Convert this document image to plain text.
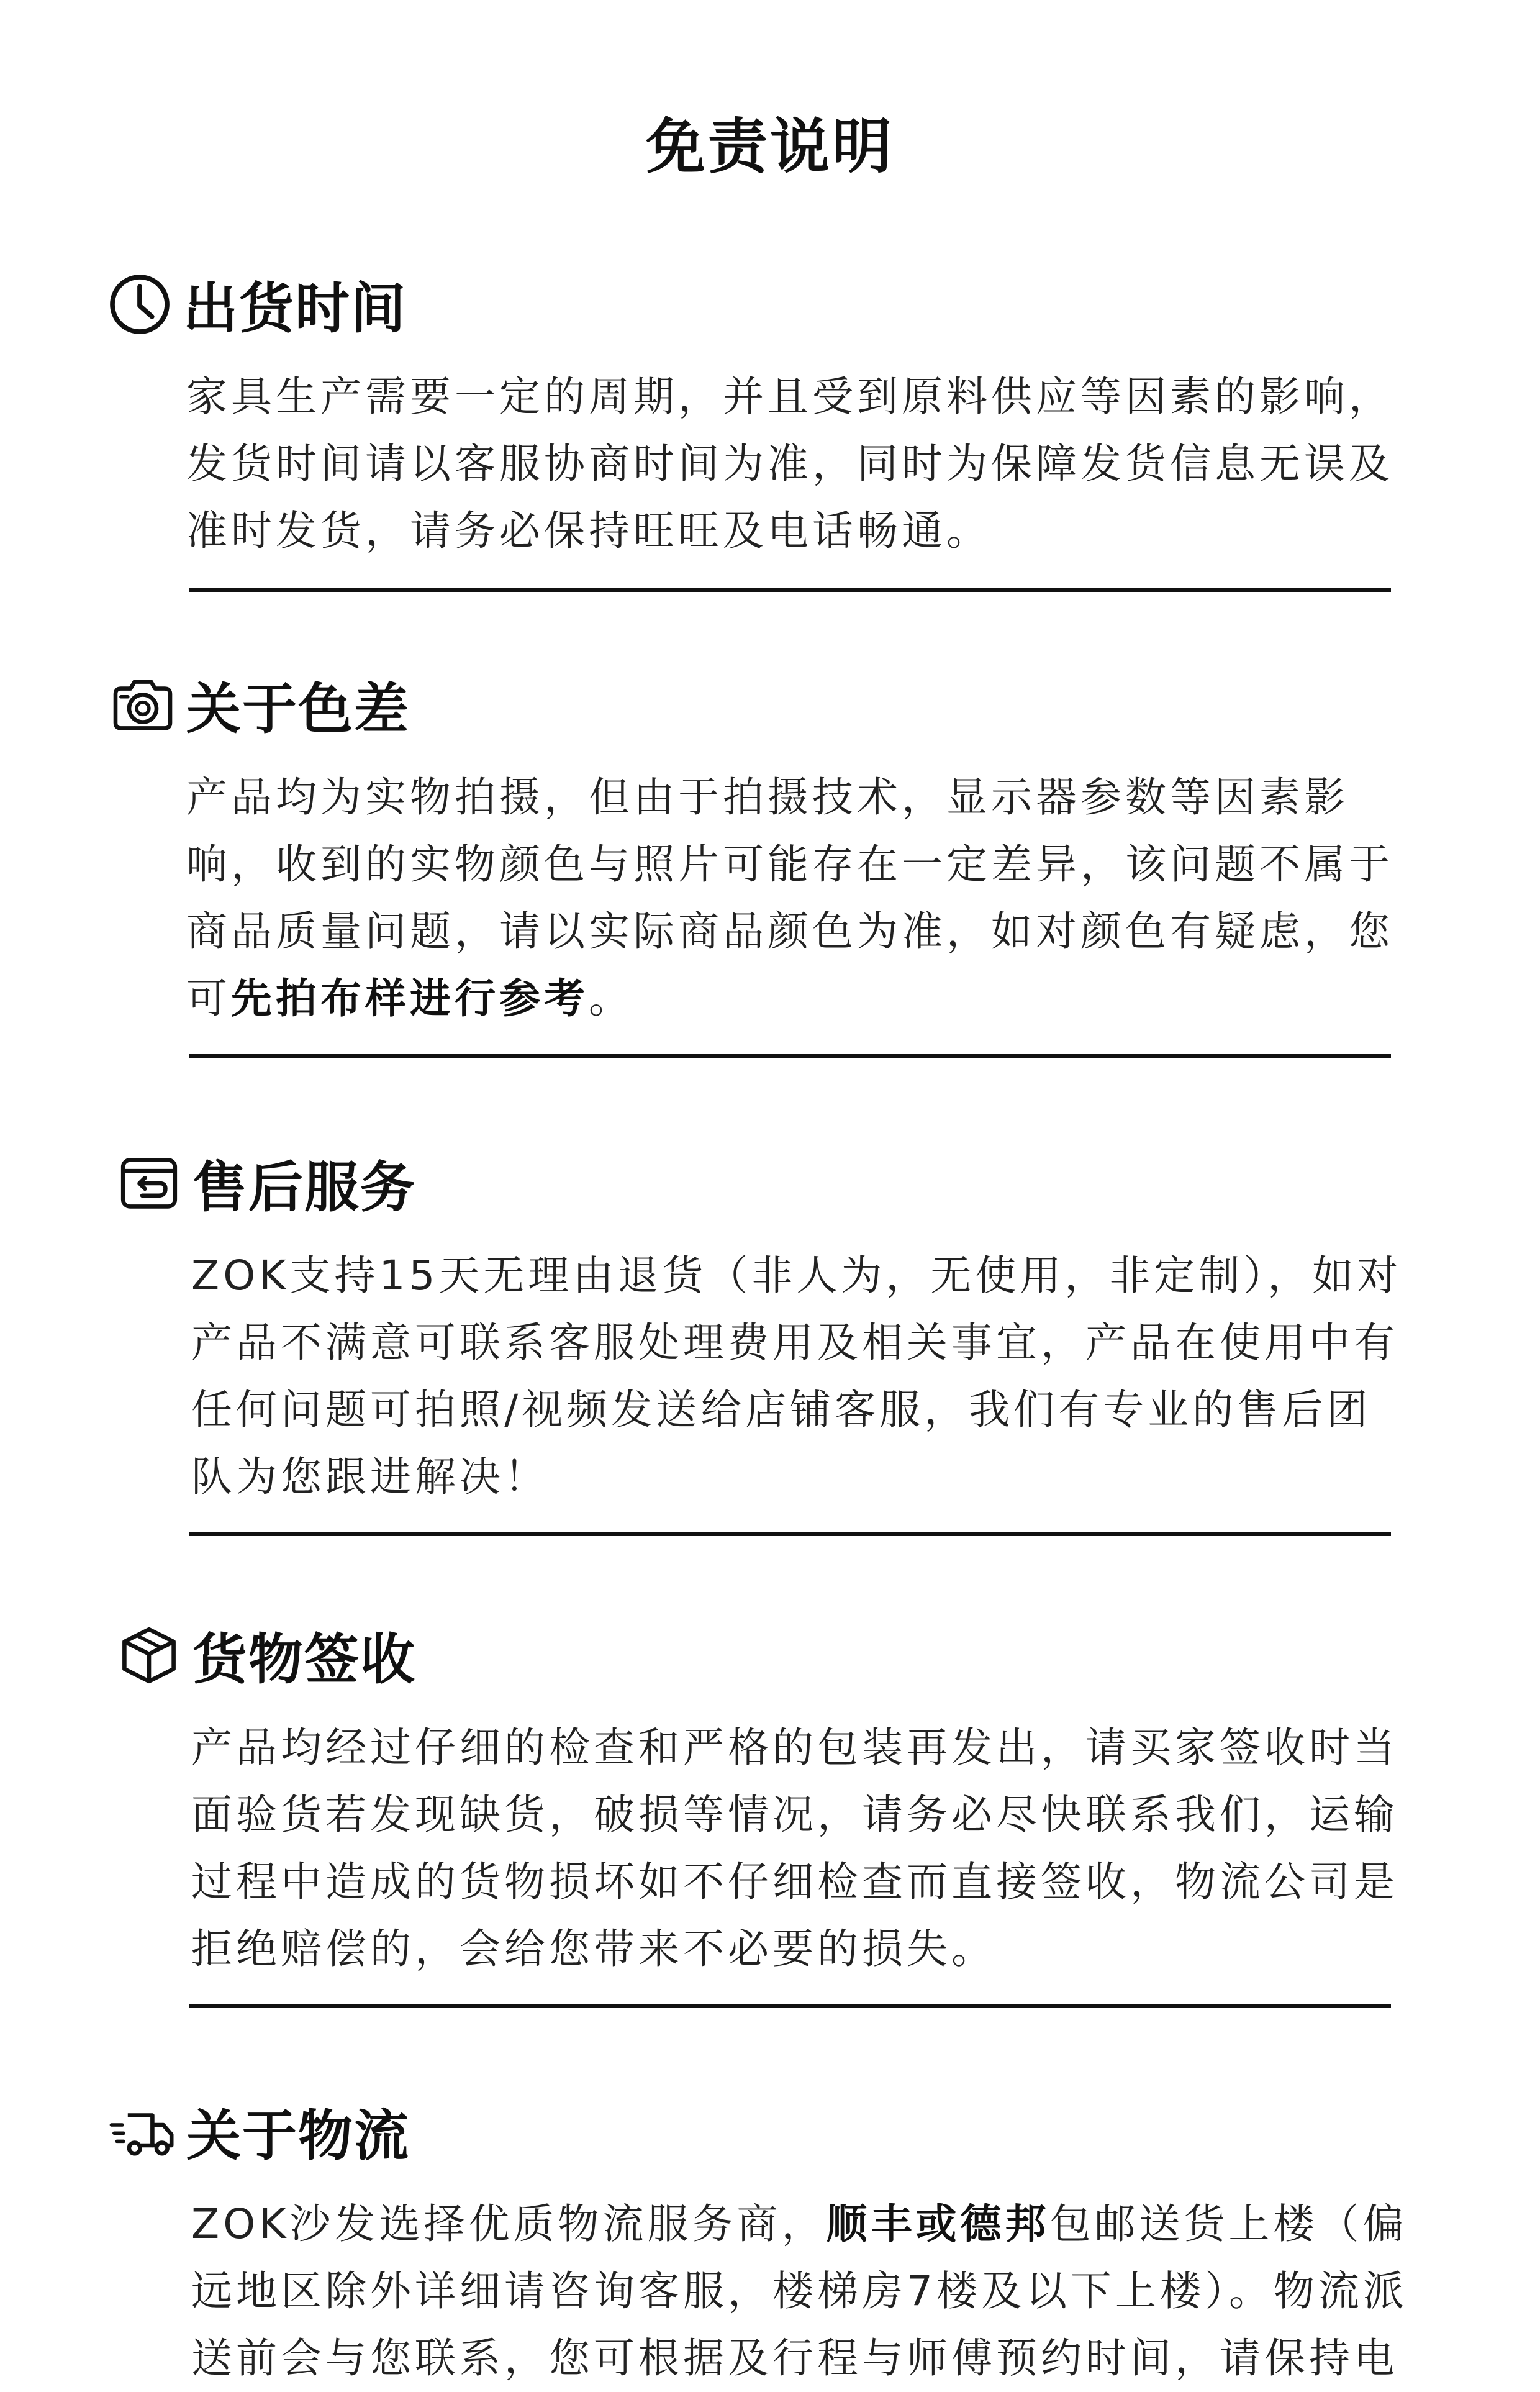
免责说明
出货时间
家具生产需要一定的周期，并且受到原料供应等因素的影响，发货时间请以客服协商时间为准，同时为保障发货信息无误及准时发货，请务必保持旺旺及电话畅通。
关于色差
产品均为实物拍摄，但由于拍摄技术，显示器参数等因素影响，收到的实物颜色与照片可能存在一定差异，该问题不属于商品质量问题，请以实际商品颜色为准，如对颜色有疑虑，您可先拍布样进行参考。
售后服务
ZOK支持15天无理由退货（非人为，无使用，非定制），如对产品不满意可联系客服处理费用及相关事宜，产品在使用中有任何问题可拍照/视频发送给店铺客服，我们有专业的售后团队为您跟进解决！
货物签收
产品均经过仔细的检查和严格的包装再发出，请买家签收时当面验货若发现缺货，破损等情况，请务必尽快联系我们，运输过程中造成的货物损坏如不仔细检查而直接签收，物流公司是拒绝赔偿的，会给您带来不必要的损失。
关于物流
ZOK沙发选择优质物流服务商，顺丰或德邦包邮送货上楼（偏远地区除外详细请咨询客服，楼梯房7楼及以下上楼）。物流派送前会与您联系，您可根据及行程与师傅预约时间，请保持电
